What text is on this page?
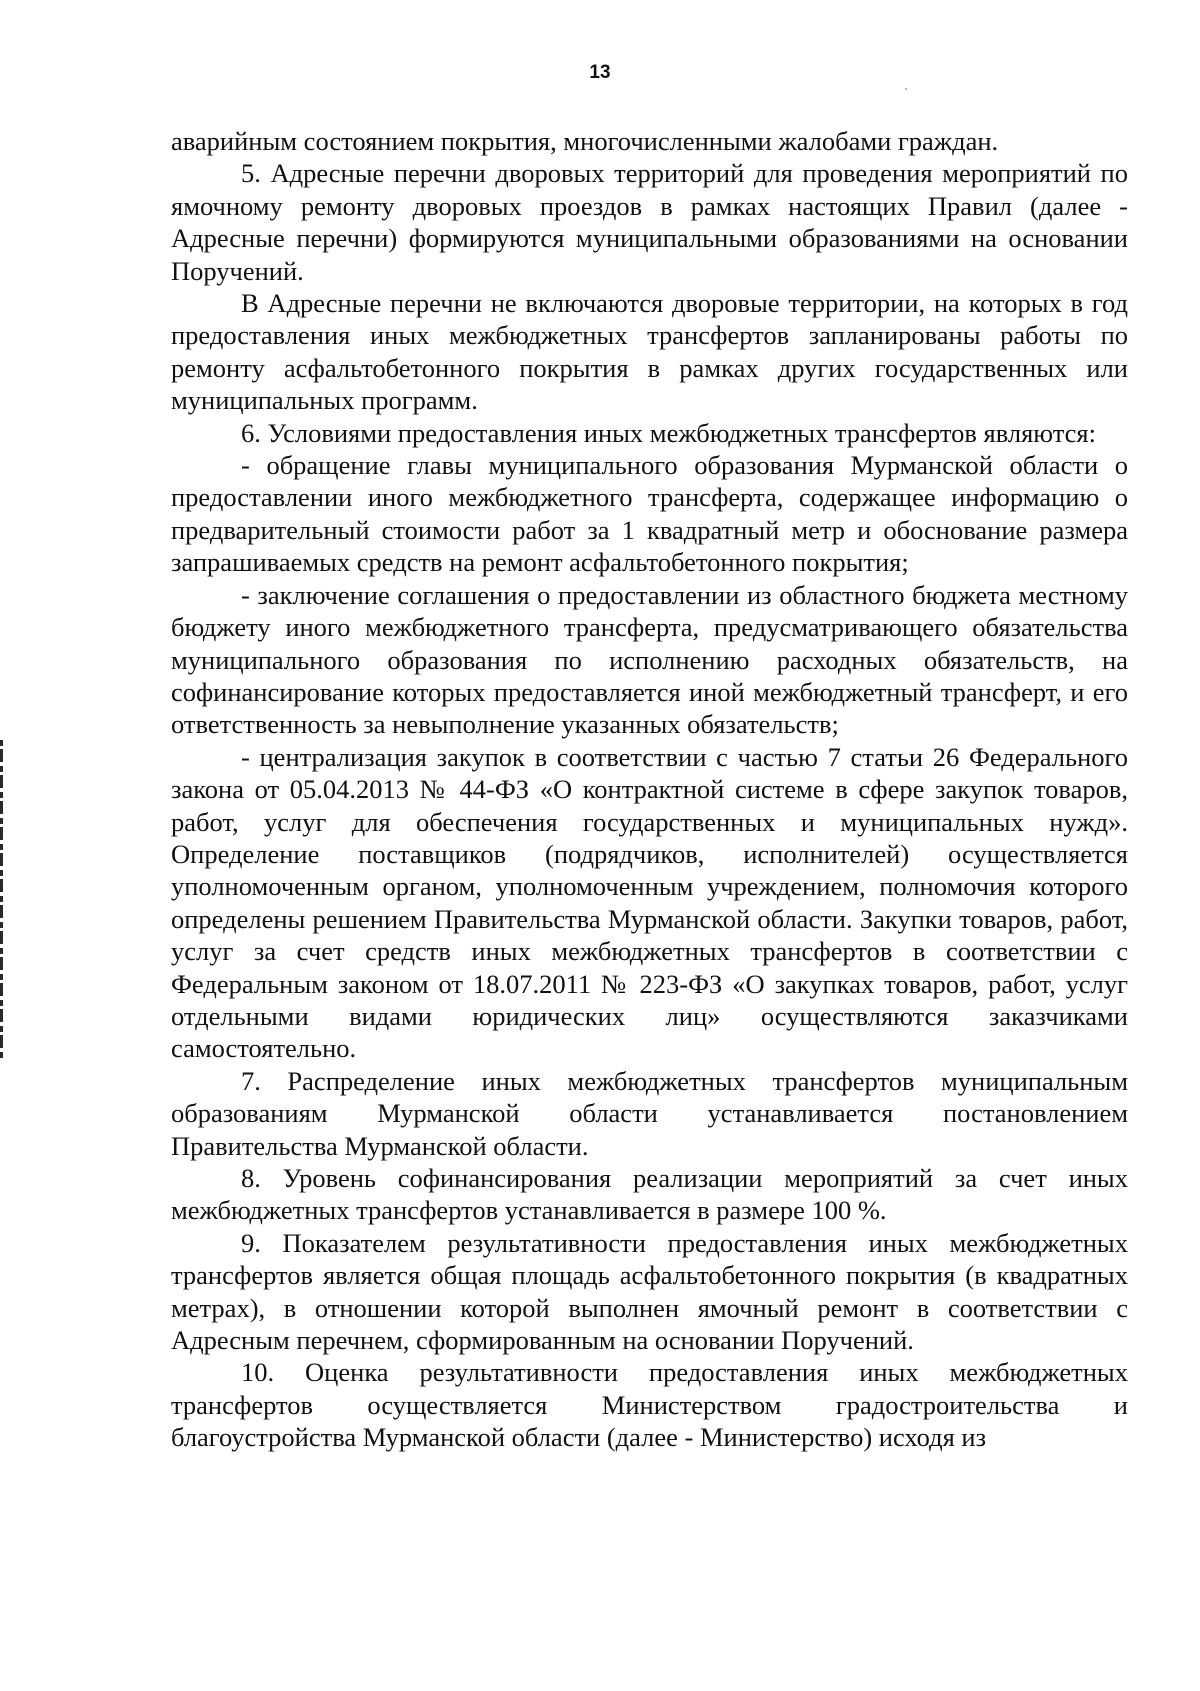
13

аварийным состоянием покрытия, многочисленными жалобами граждан.

5. Адресные перечни дворовых территорий для проведения мероприятий по ямочному ремонту дворовых проездов в рамках настоящих Правил (далее - Адресные перечни) формируются муниципальными образованиями на основании Поручений.

В Адресные перечни не включаются дворовые территории, на которых в год предоставления иных межбюджетных трансфертов запланированы работы по ремонту асфальтобетонного покрытия в рамках других государственных или муниципальных программ.

6. Условиями предоставления иных межбюджетных трансфертов являются:

- обращение главы муниципального образования Мурманской области о предоставлении иного межбюджетного трансферта, содержащее информацию о предварительный стоимости работ за 1 квадратный метр и обоснование размера запрашиваемых средств на ремонт асфальтобетонного покрытия;

- заключение соглашения о предоставлении из областного бюджета местному бюджету иного межбюджетного трансферта, предусматривающего обязательства муниципального образования по исполнению расходных обязательств, на софинансирование которых предоставляется иной межбюджетный трансферт, и его ответственность за невыполнение указанных обязательств;

- централизация закупок в соответствии с частью 7 статьи 26 Федерального закона от 05.04.2013 № 44-ФЗ «О контрактной системе в сфере закупок товаров, работ, услуг для обеспечения государственных и муниципальных нужд». Определение поставщиков (подрядчиков, исполнителей) осуществляется уполномоченным органом, уполномоченным учреждением, полномочия которого определены решением Правительства Мурманской области. Закупки товаров, работ, услуг за счет средств иных межбюджетных трансфертов в соответствии с Федеральным законом от 18.07.2011 № 223-ФЗ «О закупках товаров, работ, услуг отдельными видами юридических лиц» осуществляются заказчиками самостоятельно.

7. Распределение иных межбюджетных трансфертов муниципальным образованиям Мурманской области устанавливается постановлением Правительства Мурманской области.

8. Уровень софинансирования реализации мероприятий за счет иных межбюджетных трансфертов устанавливается в размере 100 %.

9. Показателем результативности предоставления иных межбюджетных трансфертов является общая площадь асфальтобетонного покрытия (в квадратных метрах), в отношении которой выполнен ямочный ремонт в соответствии с Адресным перечнем, сформированным на основании Поручений.

10. Оценка результативности предоставления иных межбюджетных трансфертов осуществляется Министерством градостроительства и благоустройства Мурманской области (далее - Министерство) исходя из
